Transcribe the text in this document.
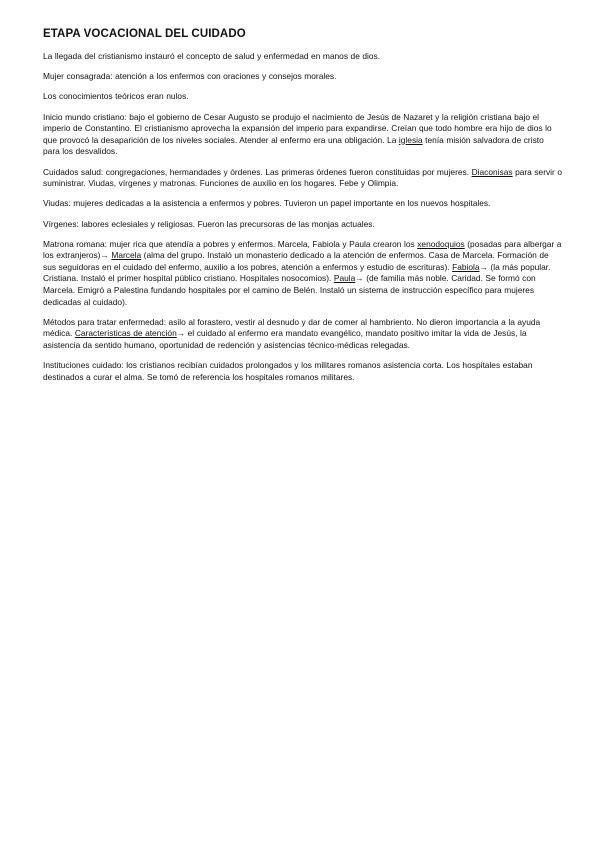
ETAPA VOCACIONAL DEL CUIDADO

La llegada del cristianismo instauró el concepto de salud y enfermedad en manos de dios.

Mujer consagrada: atención a los enfermos con oraciones y consejos morales.

Los conocimientos teóricos eran nulos.

Inicio mundo cristiano: bajo el gobierno de Cesar Augusto se produjo el nacimiento de Jesús de Nazaret y la religión cristiana bajo el imperio de Constantino. El cristianismo aprovecha la expansión del imperio para expandirse. Creían que todo hombre era hijo de dios lo que provocó la desaparición de los niveles sociales. Atender al enfermo era una obligación. La iglesia tenía misión salvadora de cristo para los desvalidos.

Cuidados salud: congregaciones, hermandades y órdenes. Las primeras órdenes fueron constituidas por mujeres. Diaconisas para servir o suministrar. Viudas, vírgenes y matronas. Funciones de auxilio en los hogares. Febe y Olimpia.

Viudas: mujeres dedicadas a la asistencia a enfermos y pobres. Tuvieron un papel importante en los nuevos hospitales.

Vírgenes: labores eclesiales y religiosas. Fueron las precursoras de las monjas actuales.

Matrona romana: mujer rica que atendía a pobres y enfermos. Marcela, Fabiola y Paula crearon los xenodoquios (posadas para albergar a los extranjeros)→ Marcela (alma del grupo. Instaló un monasterio dedicado a la atención de enfermos. Casa de Marcela. Formación de sus seguidoras en el cuidado del enfermo, auxilio a los pobres, atención a enfermos y estudio de escrituras). Fabiola→ (la más popular. Cristiana. Instaló el primer hospital público cristiano. Hospitales nosocomios). Paula→ (de familia más noble. Caridad. Se formó con Marcela. Emigró a Palestina fundando hospitales por el camino de Belén. Instaló un sistema de instrucción específico para mujeres dedicadas al cuidado).

Métodos para tratar enfermedad: asilo al forastero, vestir al desnudo y dar de comer al hambriento. No dieron importancia a la ayuda médica. Características de atención→ el cuidado al enfermo era mandato evangélico, mandato positivo imitar la vida de Jesús, la asistencia da sentido humano, oportunidad de redención y asistencias técnico-médicas relegadas.

Instituciones cuidado: los cristianos recibían cuidados prolongados y los militares romanos asistencia corta. Los hospitales estaban destinados a curar el alma. Se tomó de referencia los hospitales romanos militares.
